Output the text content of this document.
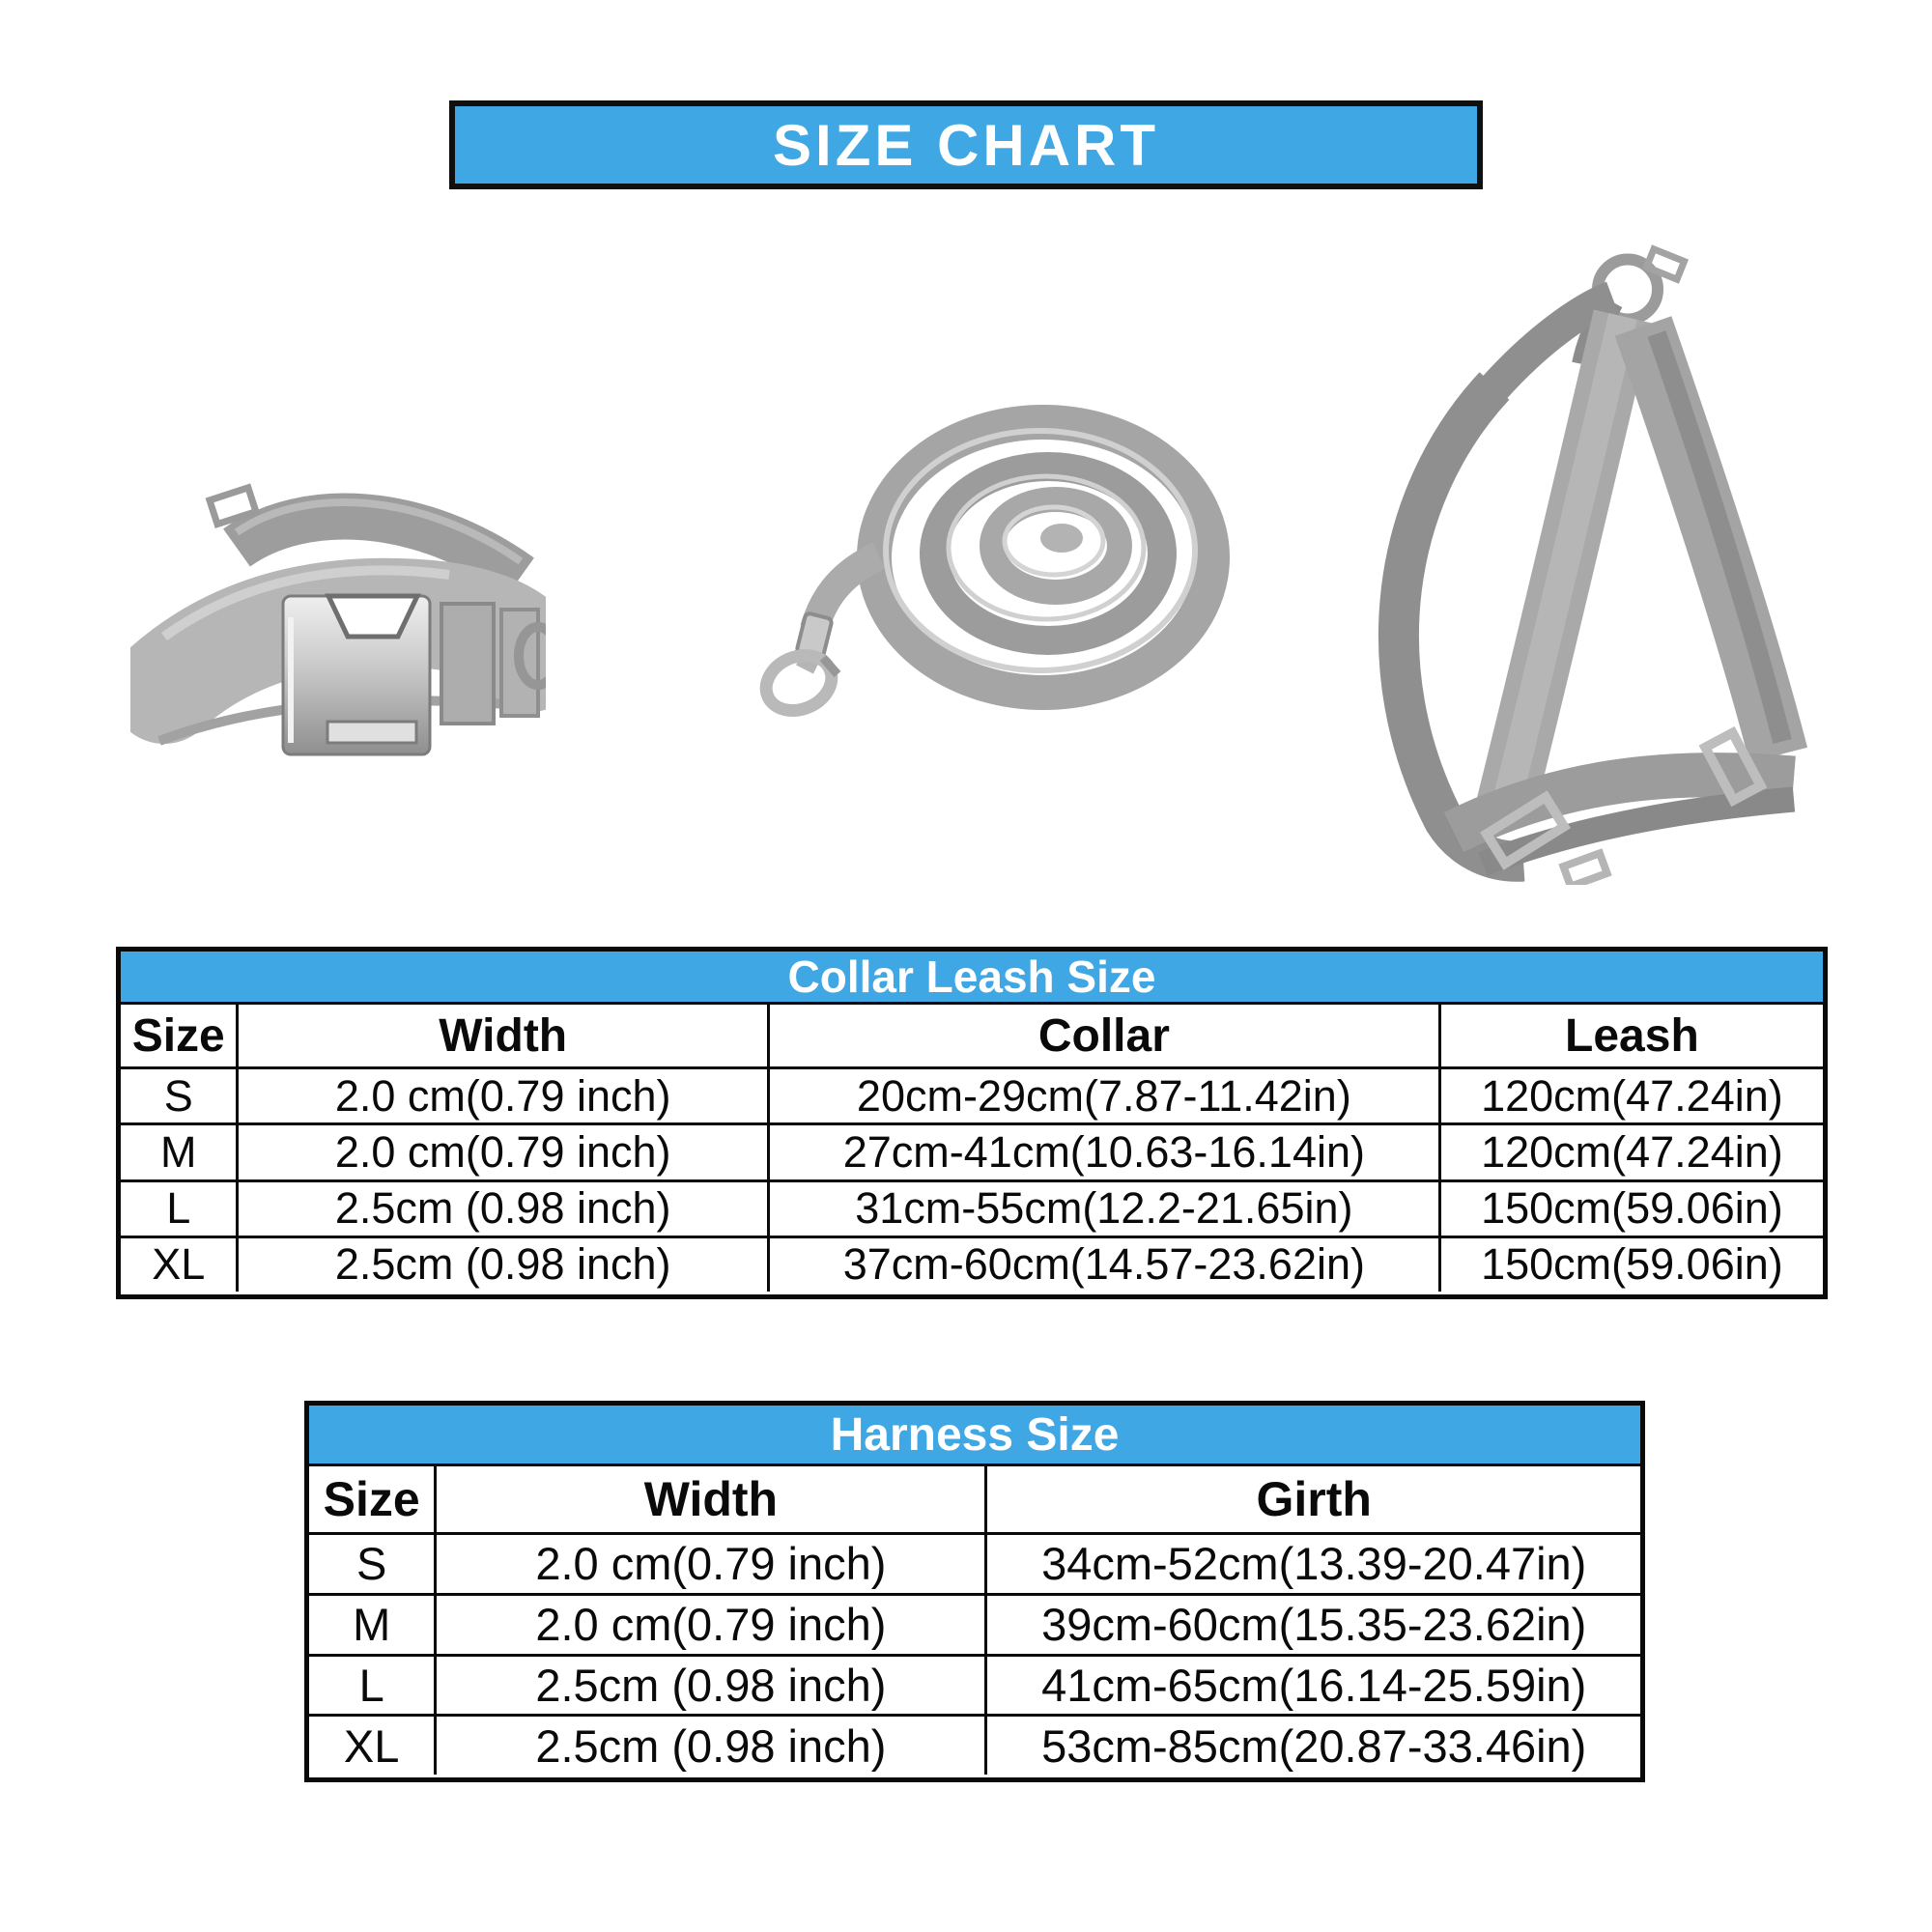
SIZE CHART
Collar Leash Size
Size	Width	Collar	Leash
S	2.0 cm(0.79 inch)	20cm-29cm(7.87-11.42in)	120cm(47.24in)
M	2.0 cm(0.79 inch)	27cm-41cm(10.63-16.14in)	120cm(47.24in)
L	2.5cm (0.98 inch)	31cm-55cm(12.2-21.65in)	150cm(59.06in)
XL	2.5cm (0.98 inch)	37cm-60cm(14.57-23.62in)	150cm(59.06in)
Harness Size
Size	Width	Girth
S	2.0 cm(0.79 inch)	34cm-52cm(13.39-20.47in)
M	2.0 cm(0.79 inch)	39cm-60cm(15.35-23.62in)
L	2.5cm (0.98 inch)	41cm-65cm(16.14-25.59in)
XL	2.5cm (0.98 inch)	53cm-85cm(20.87-33.46in)
